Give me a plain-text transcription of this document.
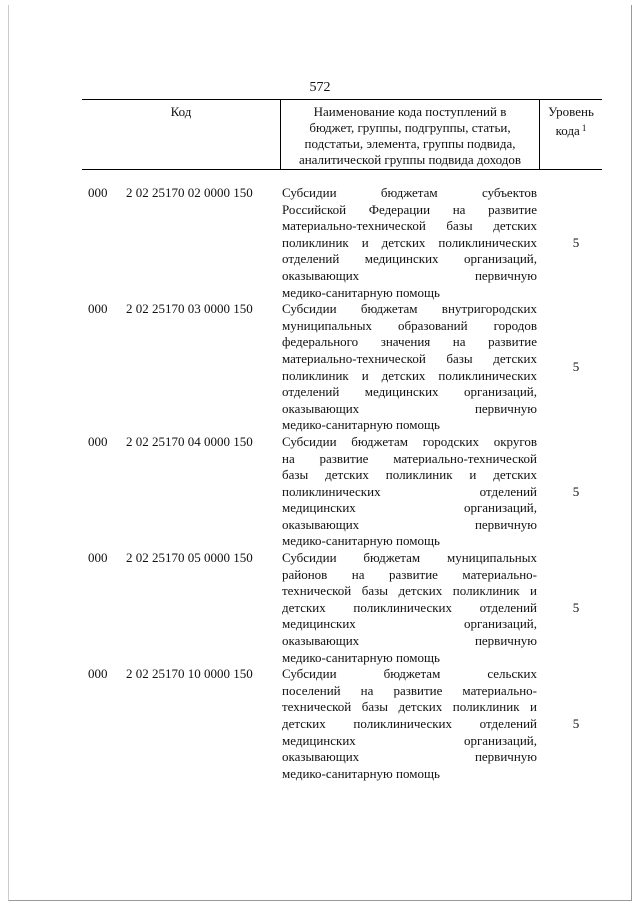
572
Код	Наименование кода поступлений в
бюджет, группы, подгруппы, статьи,
подстатьи, элемента, группы подвида,
аналитической группы подвида доходов
Уровень
кода $^1$
000	2 02 25170 02 0000 150	Субсидии бюджетам субъектов
Российской Федерации на развитие
материально-технической базы детских
поликлиник и детских поликлинических
отделений медицинских организаций,
оказывающих первичную
медико-санитарную помощь
5
000	2 02 25170 03 0000 150	Субсидии бюджетам внутригородских
муниципальных образований городов
федерального значения на развитие
материально-технической базы детских
поликлиник и детских поликлинических
отделений медицинских организаций,
оказывающих первичную
медико-санитарную помощь
5
000	2 02 25170 04 0000 150	Субсидии бюджетам городских округов
на развитие материально-технической
базы детских поликлиник и детских
поликлинических отделений
медицинских организаций,
оказывающих первичную
медико-санитарную помощь
5
000	2 02 25170 05 0000 150	Субсидии бюджетам муниципальных
районов на развитие материально-
технической базы детских поликлиник и
детских поликлинических отделений
медицинских организаций,
оказывающих первичную
медико-санитарную помощь
5
000	2 02 25170 10 0000 150	Субсидии бюджетам сельских
поселений на развитие материально-
технической базы детских поликлиник и
детских поликлинических отделений
медицинских организаций,
оказывающих первичную
медико-санитарную помощь
5
